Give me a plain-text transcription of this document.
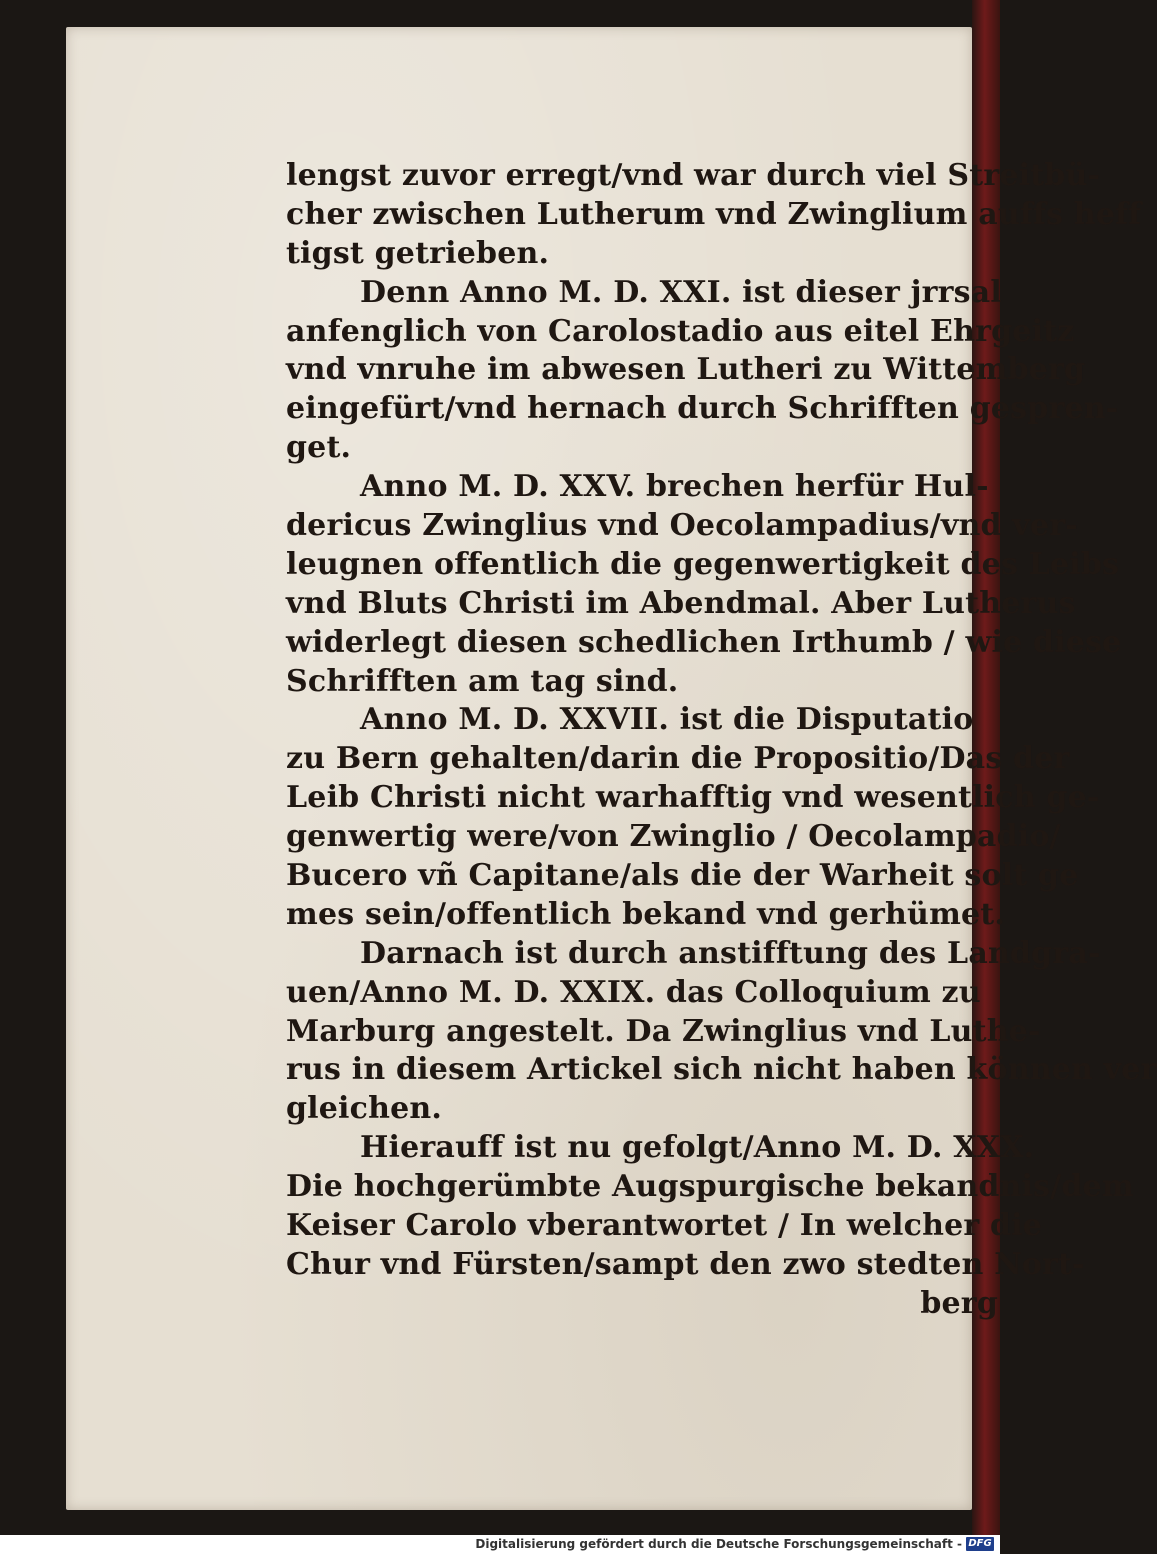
lengst zuvor erregt/vnd war durch viel Streitbü-
cher zwischen Lutherum vnd Zwinglium auffs heff
tigst getrieben.
Denn Anno M. D. XXI. ist dieser jrrsal
anfenglich von Carolostadio aus eitel Ehrgeitz
vnd vnruhe im abwesen Lutheri zu Wittemberg
eingefürt/vnd hernach durch Schrifften gespren-
get.
Anno M. D. XXV. brechen herfür Hul-
dericus Zwinglius vnd Oecolampadius/vnd ver-
leugnen offentlich die gegenwertigkeit des Leibs
vnd Bluts Christi im Abendmal. Aber Lutherus
widerlegt diesen schedlichen Irthumb / wie diese
Schrifften am tag sind.
Anno M. D. XXVII. ist die Disputatio
zu Bern gehalten/darin die Propositio/Das der
Leib Christi nicht warhafftig vnd wesentlich ge-
genwertig were/von Zwinglio / Oecolampadio/
Bucero vñ Capitane/als die der Warheit solt ge
mes sein/offentlich bekand vnd gerhümet.
Darnach ist durch anstifftung des Landgra-
uen/Anno M. D. XXIX. das Colloquium zu
Marburg angestelt. Da Zwinglius vnd Luthe-
rus in diesem Artickel sich nicht haben können ver
gleichen.
Hierauff ist nu gefolgt/Anno M. D. XXX.
Die hochgerümbte Augspurgische bekandnis/dem
Keiser Carolo vberantwortet / In welcher die
Chur vnd Fürsten/sampt den zwo stedten Nort-
berg
Digitalisierung gefördert durch die Deutsche Forschungsgemeinschaft - DFG
